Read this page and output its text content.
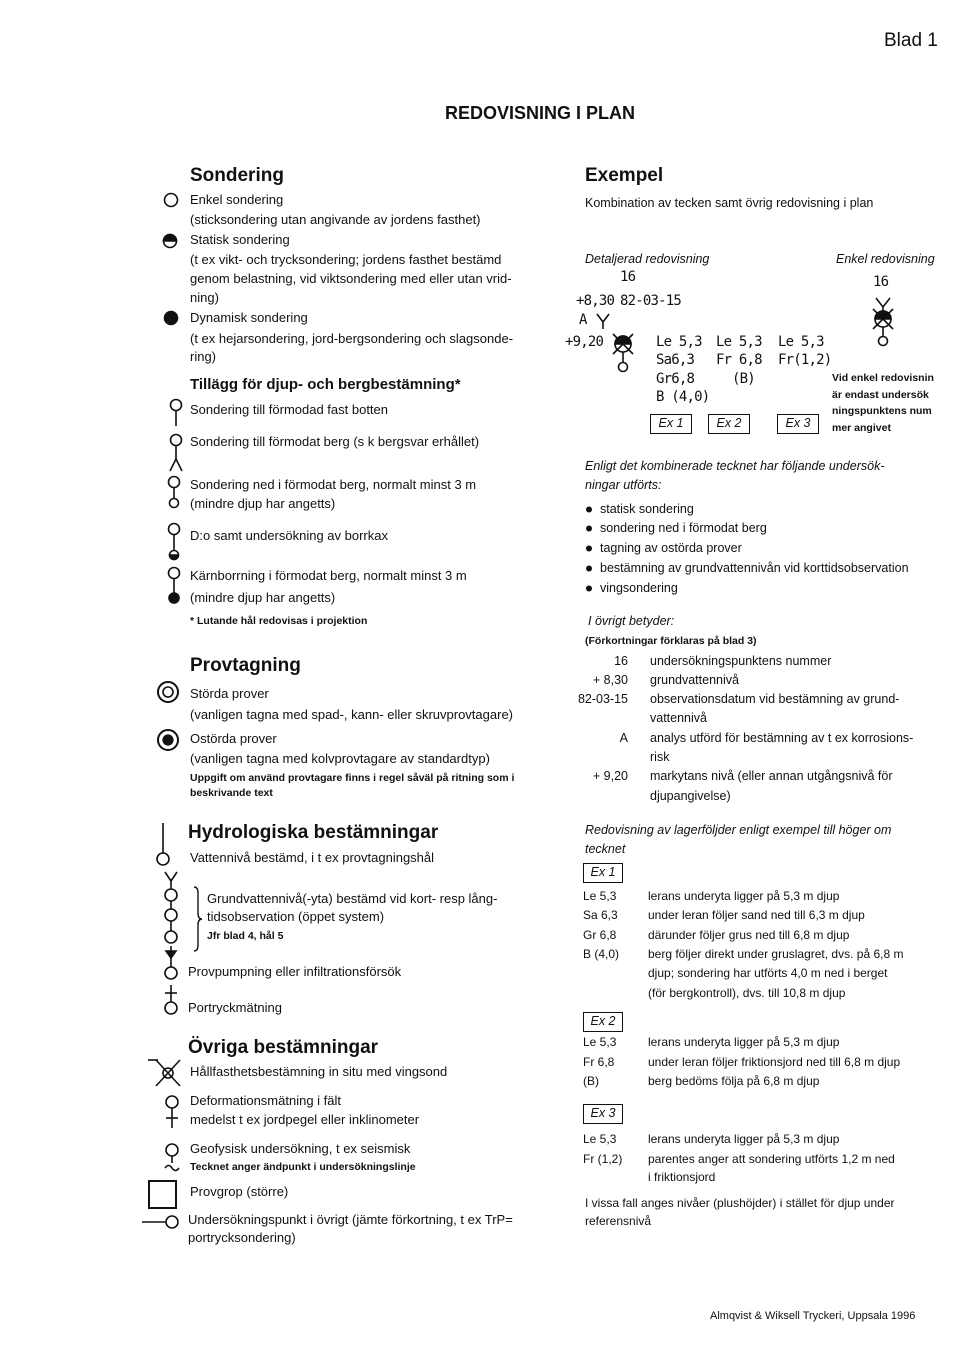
Blad 1
REDOVISNING I PLAN
Sondering
Enkel sondering
(sticksondering utan angivande av jordens fasthet)
Statisk sondering
(t ex vikt- och trycksondering; jordens fasthet bestämd
genom belastning, vid viktsondering med eller utan vrid-
ning)
Dynamisk sondering
(t ex hejarsondering, jord-bergsondering och slagsonde-
ring)
Tillägg för djup- och bergbestämning*
Sondering till förmodad fast botten
Sondering till förmodat berg (s k bergsvar erhållet)
Sondering ned i förmodat berg, normalt minst 3 m
(mindre djup har angetts)
D:o samt undersökning av borrkax
Kärnborrning i förmodat berg, normalt minst 3 m
(mindre djup har angetts)
* Lutande hål redovisas i projektion
Provtagning
Störda prover
(vanligen tagna med spad-, kann- eller skruvprovtagare)
Ostörda prover
(vanligen tagna med kolvprovtagare av standardtyp)
Uppgift om använd provtagare finns i regel såväl på ritning som i
beskrivande text
Hydrologiska bestämningar
Vattennivå bestämd, i t ex provtagningshål
Grundvattennivå(-yta) bestämd vid kort- resp lång-
tidsobservation (öppet system)
Jfr blad 4, hål 5
Provpumpning eller infiltrationsförsök
Portryckmätning
Övriga bestämningar
Hållfasthetsbestämning in situ med vingsond
Deformationsmätning i fält
medelst t ex jordpegel eller inklinometer
Geofysisk undersökning, t ex seismisk
Tecknet anger ändpunkt i undersökningslinje
Provgrop (större)
Undersökningspunkt i övrigt (jämte förkortning, t ex TrP=
portrycksondering)
Exempel
Kombination av tecken samt övrig redovisning i plan
Detaljerad redovisning	Enkel redovisning
16	16
+8,30 82-03-15
A
+9,20	Le 5,3
Sa6,3
Gr6,8
B (4,0)
Le 5,3
Fr 6,8
(B)
Le 5,3
Fr(1,2)
Ex 1	Ex 2	Ex 3
Vid enkel redovisnin
är endast undersök
ningspunktens num
mer angivet
Enligt det kombinerade tecknet har följande undersök-
ningar utförts:
statisk sondering
sondering ned i förmodat berg
tagning av ostörda prover
bestämning av grundvattennivån vid korttidsobservation
vingsondering
I övrigt betyder:
(Förkortningar förklaras på blad 3)
16 undersökningspunktens nummer
+ 8,30 grundvattennivå
82-03-15 observationsdatum vid bestämning av grund-
vattennivå
A analys utförd för bestämning av t ex korrosions-
risk
+ 9,20 markytans nivå (eller annan utgångsnivå för
djupangivelse)
Redovisning av lagerföljder enligt exempel till höger om
tecknet
Ex 1
Le 5,3	lerans underyta ligger på 5,3 m djup
Sa 6,3	under leran följer sand ned till 6,3 m djup
Gr 6,8	därunder följer grus ned till 6,8 m djup
B (4,0) berg följer direkt under gruslagret, dvs. på 6,8 m
djup; sondering har utförts 4,0 m ned i berget
(för bergkontroll), dvs. till 10,8 m djup
Ex 2
Le 5,3	lerans underyta ligger på 5,3 m djup
Fr 6,8	under leran följer friktionsjord ned till 6,8 m djup
(B)	berg bedöms följa på 6,8 m djup
Ex 3
Le 5,3	lerans underyta ligger på 5,3 m djup
Fr (1,2) parentes anger att sondering utförts 1,2 m ned
i friktionsjord
I vissa fall anges nivåer (plushöjder) i stället för djup under
referensnivå
Almqvist & Wiksell Tryckeri, Uppsala 1996
